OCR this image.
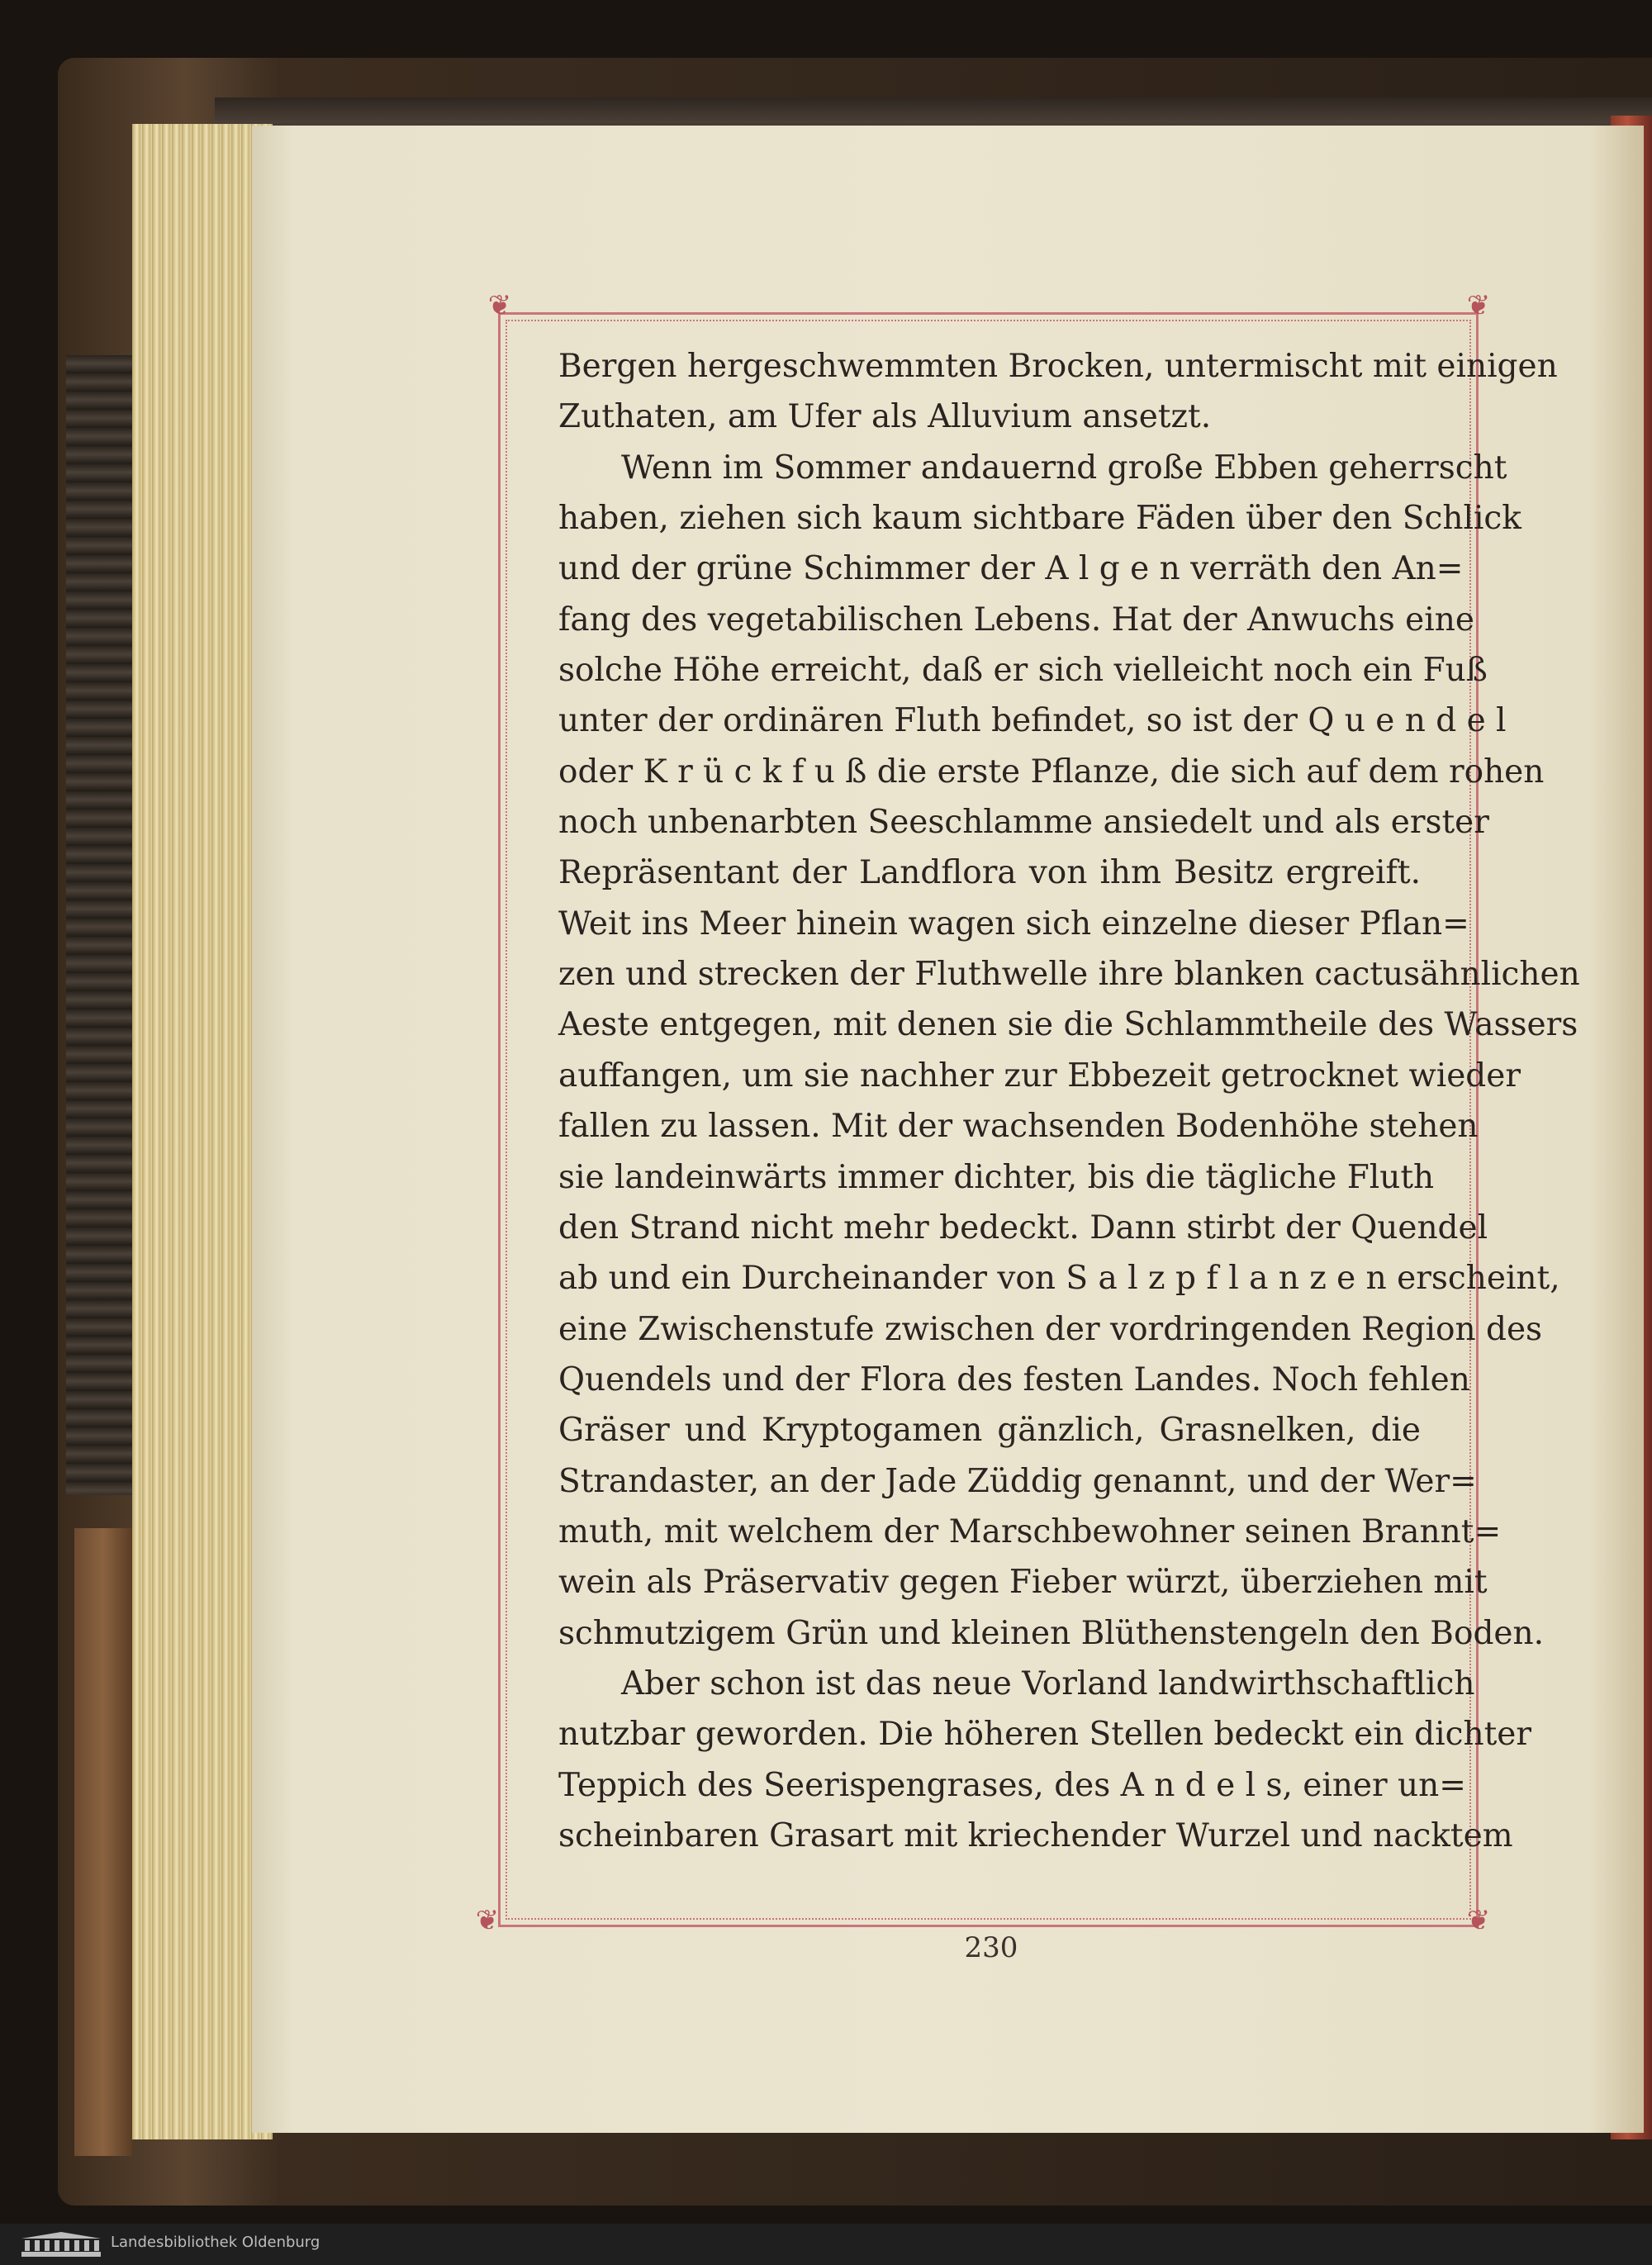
❦	❦
❦	❦
Bergen hergeschwemmten Brocken, untermischt mit einigen
Zuthaten, am Ufer als Alluvium ansetzt.
Wenn im Sommer andauernd große Ebben geherrscht
haben, ziehen sich kaum sichtbare Fäden über den Schlick
und der grüne Schimmer der A l g e n verräth den An=
fang des vegetabilischen Lebens. Hat der Anwuchs eine
solche Höhe erreicht, daß er sich vielleicht noch ein Fuß
unter der ordinären Fluth befindet, so ist der Q u e n d e l
oder K r ü c k f u ß die erste Pflanze, die sich auf dem rohen
noch unbenarbten Seeschlamme ansiedelt und als erster
Repräsentant der Landflora von ihm Besitz ergreift.
Weit ins Meer hinein wagen sich einzelne dieser Pflan=
zen und strecken der Fluthwelle ihre blanken cactusähnlichen
Aeste entgegen, mit denen sie die Schlammtheile des Wassers
auffangen, um sie nachher zur Ebbezeit getrocknet wieder
fallen zu lassen. Mit der wachsenden Bodenhöhe stehen
sie landeinwärts immer dichter, bis die tägliche Fluth
den Strand nicht mehr bedeckt. Dann stirbt der Quendel
ab und ein Durcheinander von S a l z p f l a n z e n erscheint,
eine Zwischenstufe zwischen der vordringenden Region des
Quendels und der Flora des festen Landes. Noch fehlen
Gräser und Kryptogamen gänzlich, Grasnelken, die
Strandaster, an der Jade Züddig genannt, und der Wer=
muth, mit welchem der Marschbewohner seinen Brannt=
wein als Präservativ gegen Fieber würzt, überziehen mit
schmutzigem Grün und kleinen Blüthenstengeln den Boden.
Aber schon ist das neue Vorland landwirthschaftlich
nutzbar geworden. Die höheren Stellen bedeckt ein dichter
Teppich des Seerispengrases, des A n d e l s, einer un=
scheinbaren Grasart mit kriechender Wurzel und nacktem
230
Landesbibliothek Oldenburg
